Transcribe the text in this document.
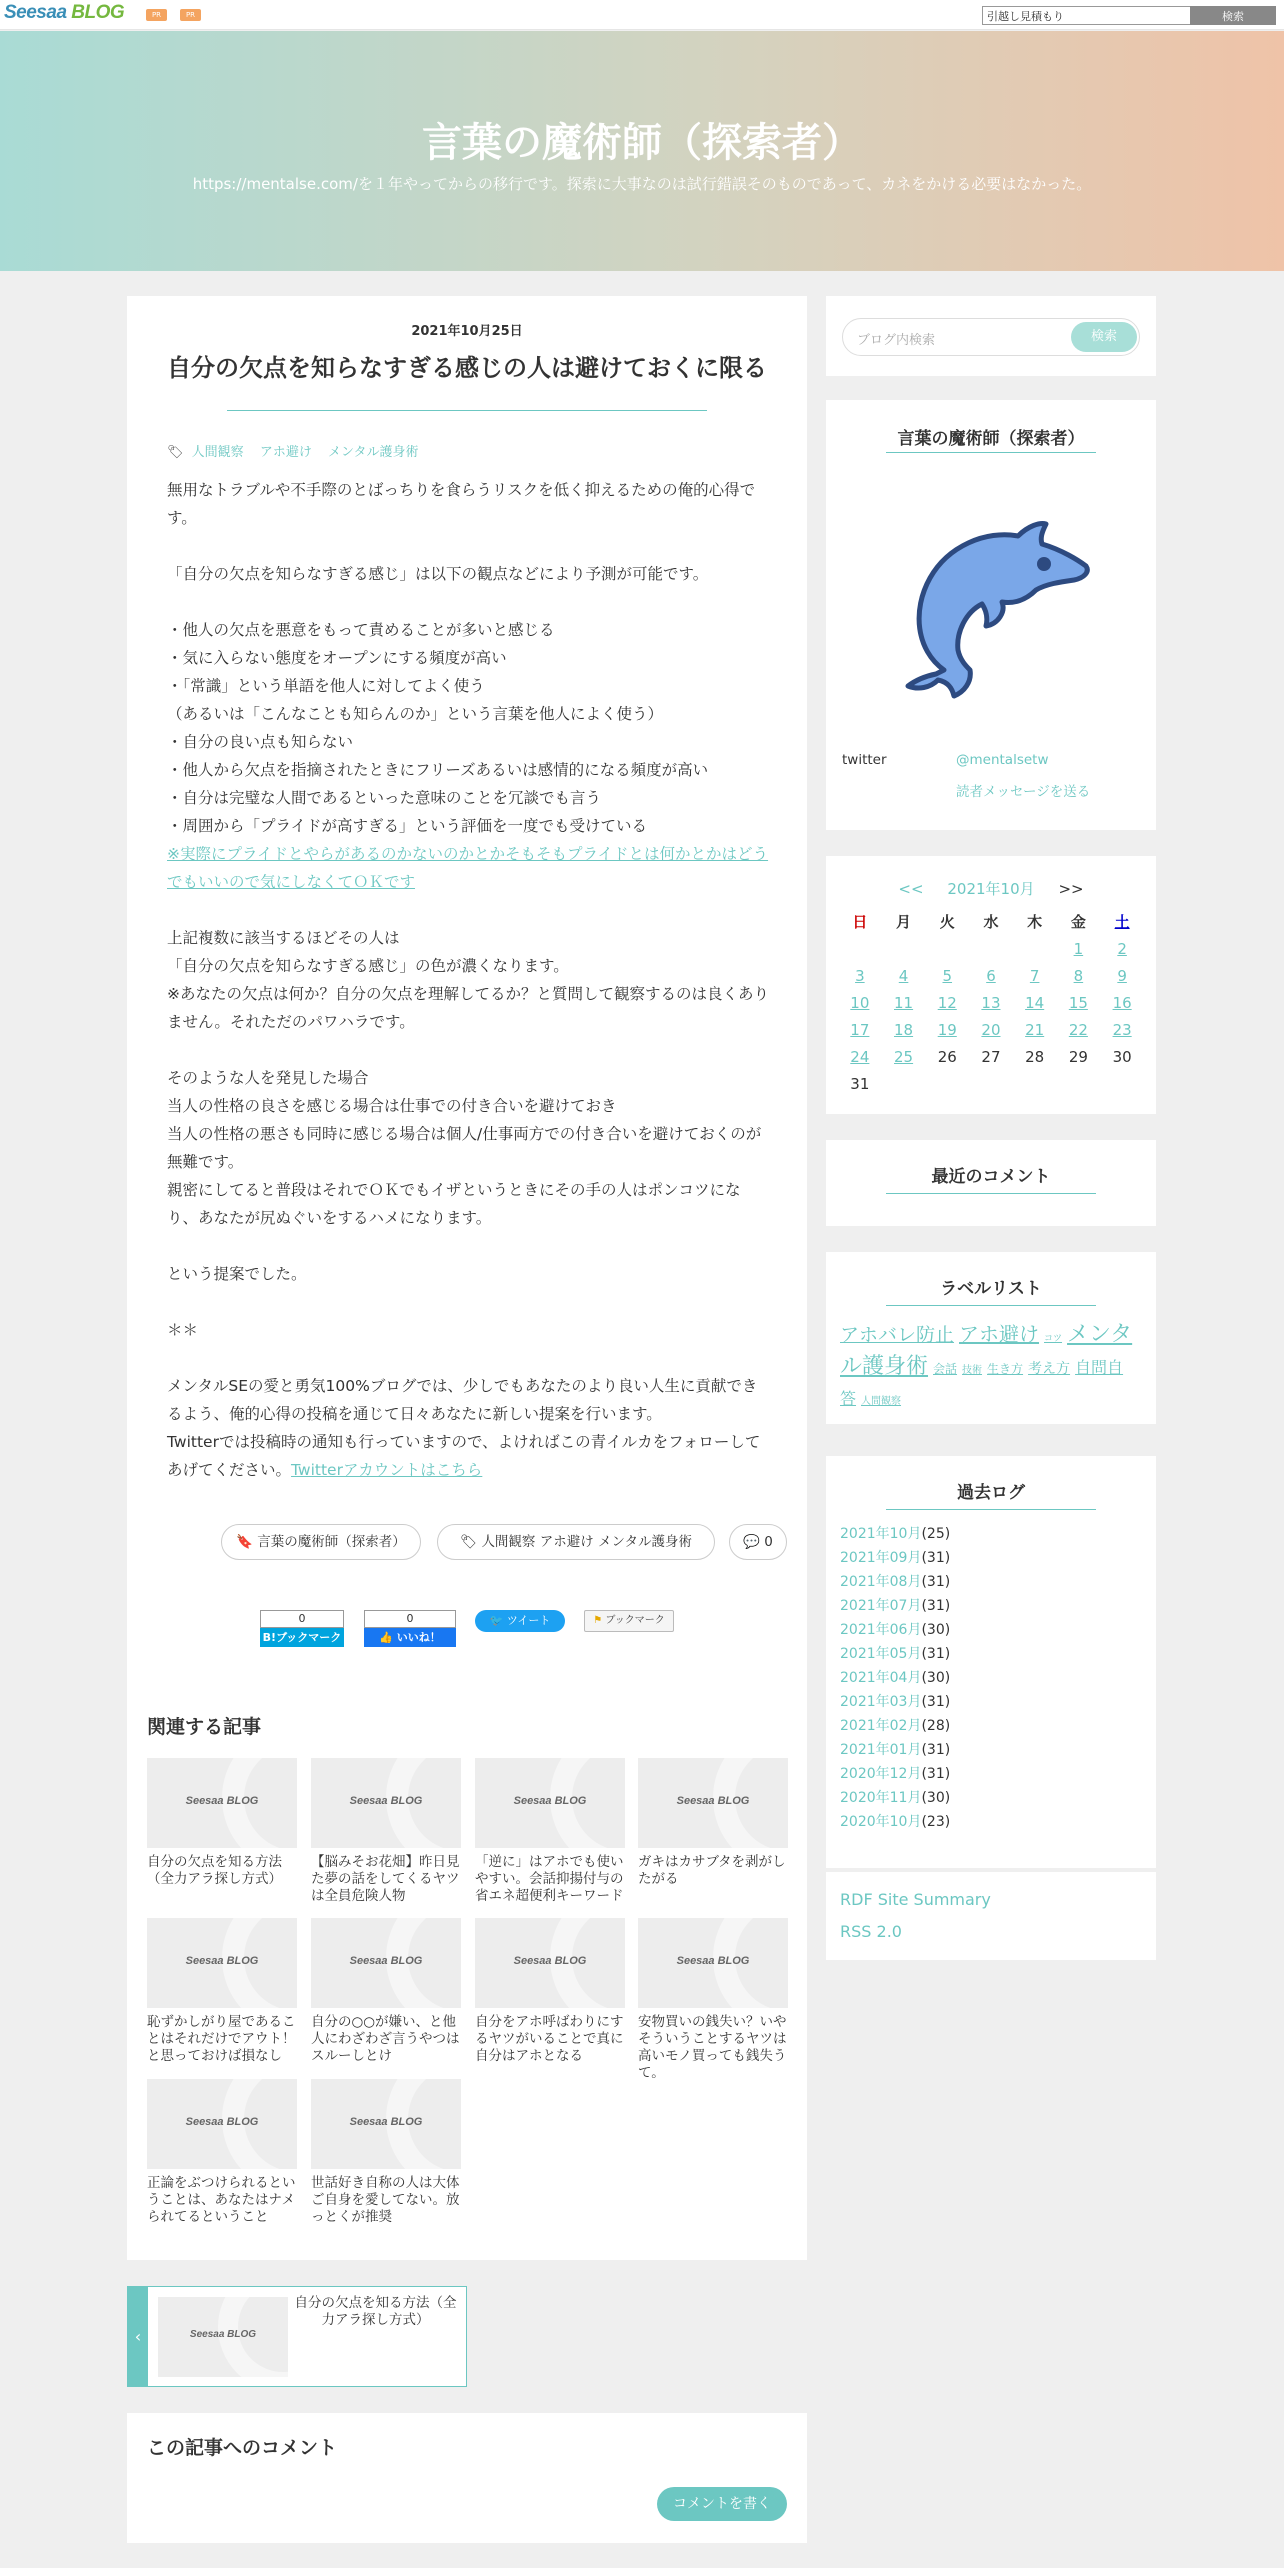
Seesaa BLOG	PR	PR
引越し見積もり	検索
言葉の魔術師（探索者）
https://mentalse.com/を１年やってからの移行です。探索に大事なのは試行錯誤そのものであって、カネをかける必要はなかった。
2021年10月25日
自分の欠点を知らなすぎる感じの人は避けておくに限る
🏷 人間観察 アホ避け メンタル護身術
無用なトラブルや不手際のとばっちりを食らうリスクを低く抑えるための俺的心得です。
「自分の欠点を知らなすぎる感じ」は以下の観点などにより予測が可能です。
・他人の欠点を悪意をもって責めることが多いと感じる
・気に入らない態度をオープンにする頻度が高い
・「常識」という単語を他人に対してよく使う
（あるいは「こんなことも知らんのか」という言葉を他人によく使う）
・自分の良い点も知らない
・他人から欠点を指摘されたときにフリーズあるいは感情的になる頻度が高い
・自分は完璧な人間であるといった意味のことを冗談でも言う
・周囲から「プライドが高すぎる」という評価を一度でも受けている
※実際にプライドとやらがあるのかないのかとかそもそもプライドとは何かとかはどうでもいいので気にしなくてＯＫです
上記複数に該当するほどその人は
「自分の欠点を知らなすぎる感じ」の色が濃くなります。
※あなたの欠点は何か？自分の欠点を理解してるか？と質問して観察するのは良くありません。それただのパワハラです。
そのような人を発見した場合
当人の性格の良さを感じる場合は仕事での付き合いを避けておき
当人の性格の悪さも同時に感じる場合は個人/仕事両方での付き合いを避けておくのが無難です。
親密にしてると普段はそれでＯＫでもイザというときにその手の人はポンコツになり、あなたが尻ぬぐいをするハメになります。
という提案でした。
＊＊
メンタルSEの愛と勇気100%ブログでは、少しでもあなたのより良い人生に貢献できるよう、俺的心得の投稿を通じて日々あなたに新しい提案を行います。
Twitterでは投稿時の通知も行っていますので、よければこの青イルカをフォローしてあげてください。Twitterアカウントはこちら
🔖 言葉の魔術師（探索者）	🏷 人間観察 アホ避け メンタル護身術	💬 0
0
B!ブックマーク
0
👍 いいね！
🐦 ツイート	⚑ ブックマーク
関連する記事
Seesaa BLOG
自分の欠点を知る方法（全力アラ探し方式）
Seesaa BLOG
【脳みそお花畑】昨日見た夢の話をしてくるヤツは全員危険人物
Seesaa BLOG
「逆に」はアホでも使いやすい。会話抑揚付与の省エネ超便利キーワード
Seesaa BLOG
ガキはカサブタを剥がしたがる
Seesaa BLOG
恥ずかしがり屋であることはそれだけでアウト！と思っておけば損なし
Seesaa BLOG
自分の○○が嫌い、と他人にわざわざ言うやつはスルーしとけ
Seesaa BLOG
自分をアホ呼ばわりにするヤツがいることで真に自分はアホとなる
Seesaa BLOG
安物買いの銭失い？いやそういうことするヤツは高いモノ買っても銭失うて。
Seesaa BLOG
正論をぶつけられるということは、あなたはナメられてるということ
Seesaa BLOG
世話好き自称の人は大体ご自身を愛してない。放っとくが推奨
‹	Seesaa BLOG
自分の欠点を知る方法（全力アラ探し方式）
この記事へのコメント
コメントを書く
ブログ内検索	検索
言葉の魔術師（探索者）
twitter	@mentalsetw
読者メッセージを送る
<< 2021年10月 >>
日	月	火	水	木	金	土
					1	2
3	4	5	6	7	8	9
10	11	12	13	14	15	16
17	18	19	20	21	22	23
24	25	26	27	28	29	30
31						
最近のコメント
ラベルリスト
アホバレ防止 アホ避け コツ メンタル護身術 会話 技術 生き方 考え方 自問自答 人間観察
過去ログ
2021年10月(25)
2021年09月(31)
2021年08月(31)
2021年07月(31)
2021年06月(30)
2021年05月(31)
2021年04月(30)
2021年03月(31)
2021年02月(28)
2021年01月(31)
2020年12月(31)
2020年11月(30)
2020年10月(23)
RDF Site Summary
RSS 2.0
